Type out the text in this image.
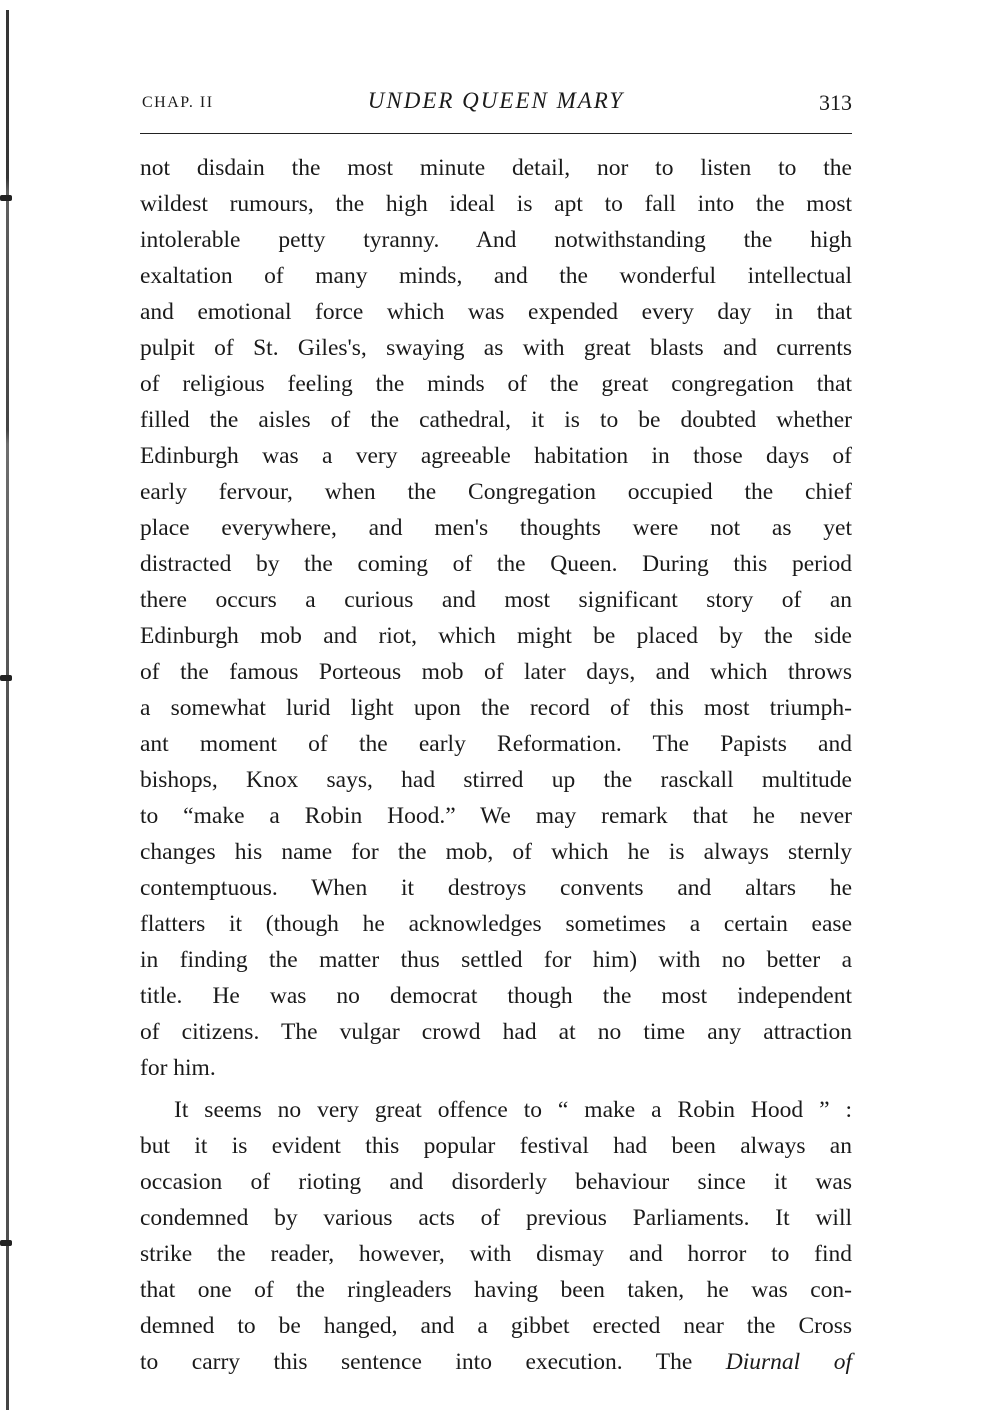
CHAP. II	UNDER QUEEN MARY	313
not disdain the most minute detail, nor to listen to the
wildest rumours, the high ideal is apt to fall into the most
intolerable petty tyranny. And notwithstanding the high
exaltation of many minds, and the wonderful intellectual
and emotional force which was expended every day in that
pulpit of St. Giles's, swaying as with great blasts and currents
of religious feeling the minds of the great congregation that
filled the aisles of the cathedral, it is to be doubted whether
Edinburgh was a very agreeable habitation in those days of
early fervour, when the Congregation occupied the chief
place everywhere, and men's thoughts were not as yet
distracted by the coming of the Queen. During this period
there occurs a curious and most significant story of an
Edinburgh mob and riot, which might be placed by the side
of the famous Porteous mob of later days, and which throws
a somewhat lurid light upon the record of this most triumph-
ant moment of the early Reformation. The Papists and
bishops, Knox says, had stirred up the rasckall multitude
to “make a Robin Hood.” We may remark that he never
changes his name for the mob, of which he is always sternly
contemptuous. When it destroys convents and altars he
flatters it (though he acknowledges sometimes a certain ease
in finding the matter thus settled for him) with no better a
title. He was no democrat though the most independent
of citizens. The vulgar crowd had at no time any attraction
for him.
It seems no very great offence to “ make a Robin Hood ” :
but it is evident this popular festival had been always an
occasion of rioting and disorderly behaviour since it was
condemned by various acts of previous Parliaments. It will
strike the reader, however, with dismay and horror to find
that one of the ringleaders having been taken, he was con-
demned to be hanged, and a gibbet erected near the Cross
to carry this sentence into execution. The Diurnal of
